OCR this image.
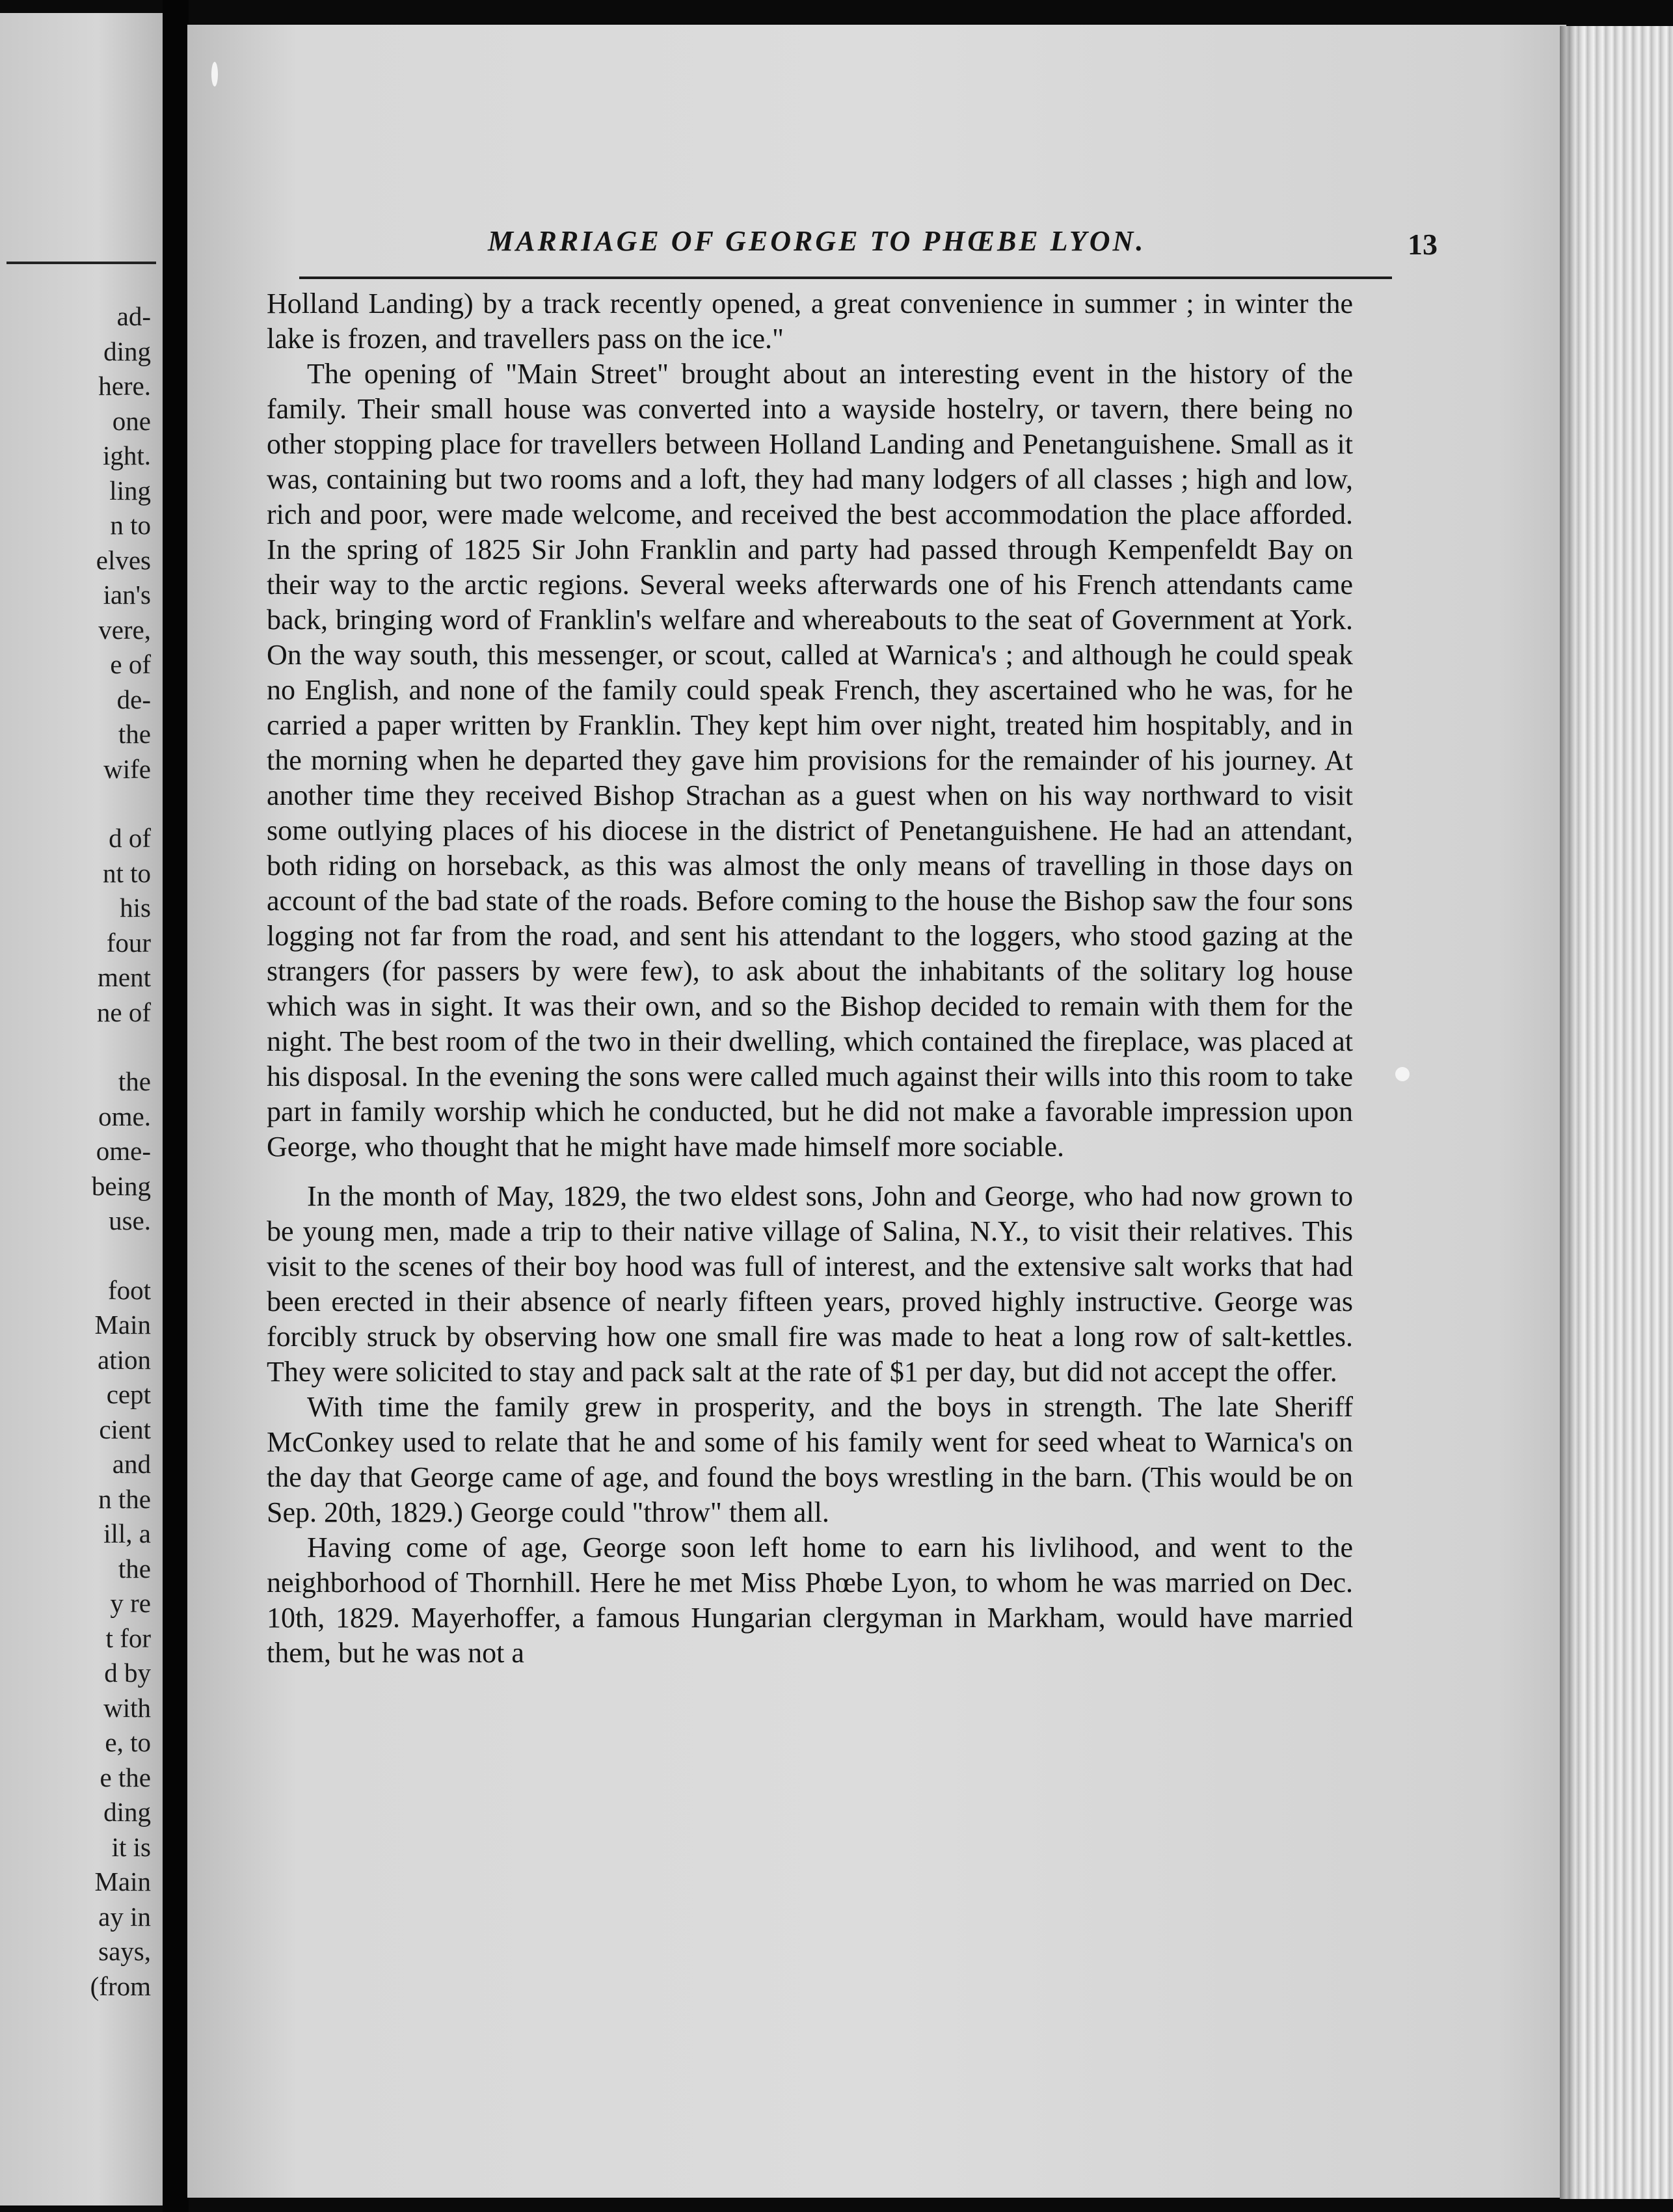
ad-
ding
here.
one
ight.
ling
n to
elves
ian's
vere,
e of
de-
the
wife
d of
nt to
his
four
ment
ne of
the
ome.
ome-
being
use.
foot
Main
ation
cept
cient
and
n the
ill, a
the
y re
t for
d by
with
e, to
e the
ding
it is
Main
ay in
says,
(from
MARRIAGE OF GEORGE TO PHŒBE LYON.	13

Holland Landing) by a track recently opened, a great convenience in summer ; in winter the lake is frozen, and travellers pass on the ice."

The opening of "Main Street" brought about an interesting event in the history of the family. Their small house was converted into a wayside hostelry, or tavern, there being no other stopping place for travellers between Holland Landing and Penetanguishene. Small as it was, containing but two rooms and a loft, they had many lodgers of all classes ; high and low, rich and poor, were made welcome, and received the best accommodation the place afforded. In the spring of 1825 Sir John Franklin and party had passed through Kempenfeldt Bay on their way to the arctic regions. Several weeks afterwards one of his French attendants came back, bringing word of Franklin's welfare and whereabouts to the seat of Government at York. On the way south, this messenger, or scout, called at Warnica's ; and although he could speak no English, and none of the family could speak French, they ascertained who he was, for he carried a paper written by Franklin. They kept him over night, treated him hospitably, and in the morning when he departed they gave him provisions for the remainder of his journey. At another time they received Bishop Strachan as a guest when on his way northward to visit some outlying places of his diocese in the district of Penetanguishene. He had an attendant, both riding on horseback, as this was almost the only means of travelling in those days on account of the bad state of the roads. Before coming to the house the Bishop saw the four sons logging not far from the road, and sent his attendant to the loggers, who stood gazing at the strangers (for passers by were few), to ask about the inhabitants of the solitary log house which was in sight. It was their own, and so the Bishop decided to remain with them for the night. The best room of the two in their dwelling, which contained the fireplace, was placed at his disposal. In the evening the sons were called much against their wills into this room to take part in family worship which he conducted, but he did not make a favorable impression upon George, who thought that he might have made himself more sociable.

In the month of May, 1829, the two eldest sons, John and George, who had now grown to be young men, made a trip to their native village of Salina, N.Y., to visit their relatives. This visit to the scenes of their boy hood was full of interest, and the extensive salt works that had been erected in their absence of nearly fifteen years, proved highly instructive. George was forcibly struck by observing how one small fire was made to heat a long row of salt-kettles. They were solicited to stay and pack salt at the rate of $1 per day, but did not accept the offer.

With time the family grew in prosperity, and the boys in strength. The late Sheriff McConkey used to relate that he and some of his family went for seed wheat to Warnica's on the day that George came of age, and found the boys wrestling in the barn. (This would be on Sep. 20th, 1829.) George could "throw" them all.

Having come of age, George soon left home to earn his livlihood, and went to the neighborhood of Thornhill. Here he met Miss Phœbe Lyon, to whom he was married on Dec. 10th, 1829. Mayerhoffer, a famous Hungarian clergyman in Markham, would have married them, but he was not a
